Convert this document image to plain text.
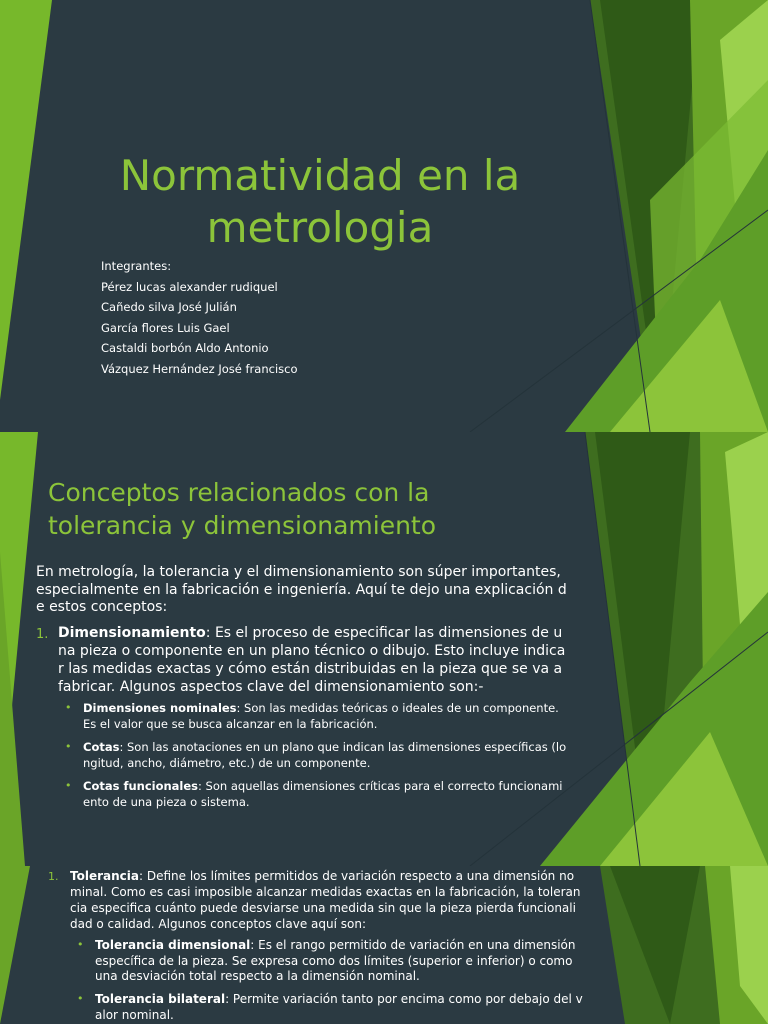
Normatividad en la metrologia
Integrantes:
Pérez lucas alexander rudiquel
Cañedo silva José Julián
García flores Luis Gael
Castaldi borbón Aldo Antonio
Vázquez Hernández José francisco
Conceptos relacionados con la tolerancia y dimensionamiento
En metrología, la tolerancia y el dimensionamiento son súper importantes, especialmente en la fabricación e ingeniería. Aquí te dejo una explicación de estos conceptos:
1. Dimensionamiento: Es el proceso de especificar las dimensiones de una pieza o componente en un plano técnico o dibujo. Esto incluye indicar las medidas exactas y cómo están distribuidas en la pieza que se va a fabricar. Algunos aspectos clave del dimensionamiento son:-
• Dimensiones nominales: Son las medidas teóricas o ideales de un componente. Es el valor que se busca alcanzar en la fabricación.
• Cotas: Son las anotaciones en un plano que indican las dimensiones específicas (longitud, ancho, diámetro, etc.) de un componente.
• Cotas funcionales: Son aquellas dimensiones críticas para el correcto funcionamiento de una pieza o sistema.
1. Tolerancia: Define los límites permitidos de variación respecto a una dimensión nominal. Como es casi imposible alcanzar medidas exactas en la fabricación, la tolerancia especifica cuánto puede desviarse una medida sin que la pieza pierda funcionalidad o calidad. Algunos conceptos clave aquí son:
• Tolerancia dimensional: Es el rango permitido de variación en una dimensión específica de la pieza. Se expresa como dos límites (superior e inferior) o como una desviación total respecto a la dimensión nominal.
• Tolerancia bilateral: Permite variación tanto por encima como por debajo del valor nominal.
